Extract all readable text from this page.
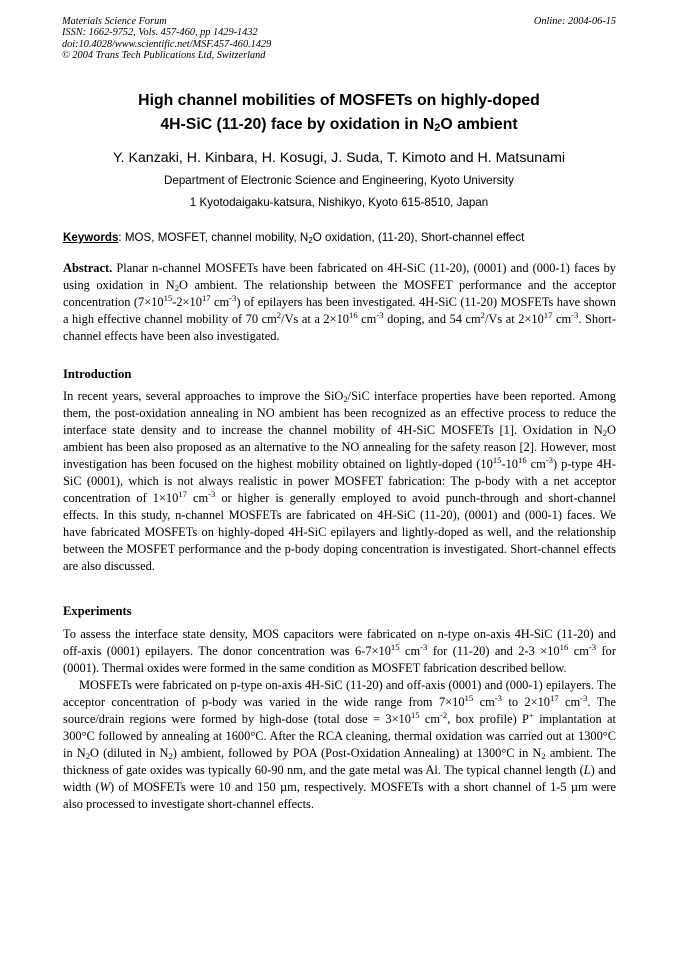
Materials Science Forum
ISSN: 1662-9752, Vols. 457-460, pp 1429-1432
doi:10.4028/www.scientific.net/MSF.457-460.1429
© 2004 Trans Tech Publications Ltd, Switzerland
Online: 2004-06-15
High channel mobilities of MOSFETs on highly-doped
4H-SiC (11-20) face by oxidation in $N_2O$ ambient
Y. Kanzaki, H. Kinbara, H. Kosugi, J. Suda, T. Kimoto and H. Matsunami
Department of Electronic Science and Engineering, Kyoto University
1 Kyotodaigaku-katsura, Nishikyo, Kyoto 615-8510, Japan
Keywords: MOS, MOSFET, channel mobility, $N_2O$ oxidation, (11-20), Short-channel effect
Abstract. Planar n-channel MOSFETs have been fabricated on 4H-SiC (11-20), (0001) and (000-1) faces by using oxidation in $N_2O$ ambient. The relationship between the MOSFET performance and the acceptor concentration ($7\times 10^{15}-2\times 10^{17}$ $cm^{-3}$) of epilayers has been investigated. 4H-SiC (11-20) MOSFETs have shown a high effective channel mobility of 70 $cm^2/Vs$ at a $2\times 10^{16}$ $cm^{-3}$ doping, and 54 $cm^2/Vs$ at $2\times 10^{17}$ $cm^{-3}$. Short-channel effects have been also investigated.
Introduction
In recent years, several approaches to improve the SiO$_2$/SiC interface properties have been reported. Among them, the post-oxidation annealing in NO ambient has been recognized as an effective process to reduce the interface state density and to increase the channel mobility of 4H-SiC MOSFETs [1]. Oxidation in $N_2O$ ambient has been also proposed as an alternative to the NO annealing for the safety reason [2]. However, most investigation has been focused on the highest mobility obtained on lightly-doped ($10^{15}-10^{16}$ $cm^{-3}$) p-type 4H-SiC (0001), which is not always realistic in power MOSFET fabrication: The p-body with a net acceptor concentration of $1\times 10^{17}$ $cm^{-3}$ or higher is generally employed to avoid punch-through and short-channel effects. In this study, n-channel MOSFETs are fabricated on 4H-SiC (11-20), (0001) and (000-1) faces. We have fabricated MOSFETs on highly-doped 4H-SiC epilayers and lightly-doped as well, and the relationship between the MOSFET performance and the p-body doping concentration is investigated. Short-channel effects are also discussed.
Experiments

To assess the interface state density, MOS capacitors were fabricated on n-type on-axis 4H-SiC (11-20) and off-axis (0001) epilayers. The donor concentration was $6-7\times 10^{15}$ $cm^{-3}$ for (11-20) and $2-3 \times 10^{16}$ $cm^{-3}$ for (0001). Thermal oxides were formed in the same condition as MOSFET fabrication described bellow.

MOSFETs were fabricated on p-type on-axis 4H-SiC (11-20) and off-axis (0001) and (000-1) epilayers. The acceptor concentration of p-body was varied in the wide range from $7\times 10^{15}$ $cm^{-3}$ to $2\times 10^{17}$ $cm^{-3}$. The source/drain regions were formed by high-dose (total dose = $3\times 10^{15}$ $cm^{-2}$, box profile) P+ implantation at 300°C followed by annealing at 1600°C. After the RCA cleaning, thermal oxidation was carried out at 1300°C in $N_2O$ (diluted in $N_2$) ambient, followed by POA (Post-Oxidation Annealing) at 1300°C in $N_2$ ambient. The thickness of gate oxides was typically 60-90 nm, and the gate metal was Al. The typical channel length (L) and width (W) of MOSFETs were 10 and 150 µm, respectively. MOSFETs with a short channel of 1-5 µm were also processed to investigate short-channel effects.
